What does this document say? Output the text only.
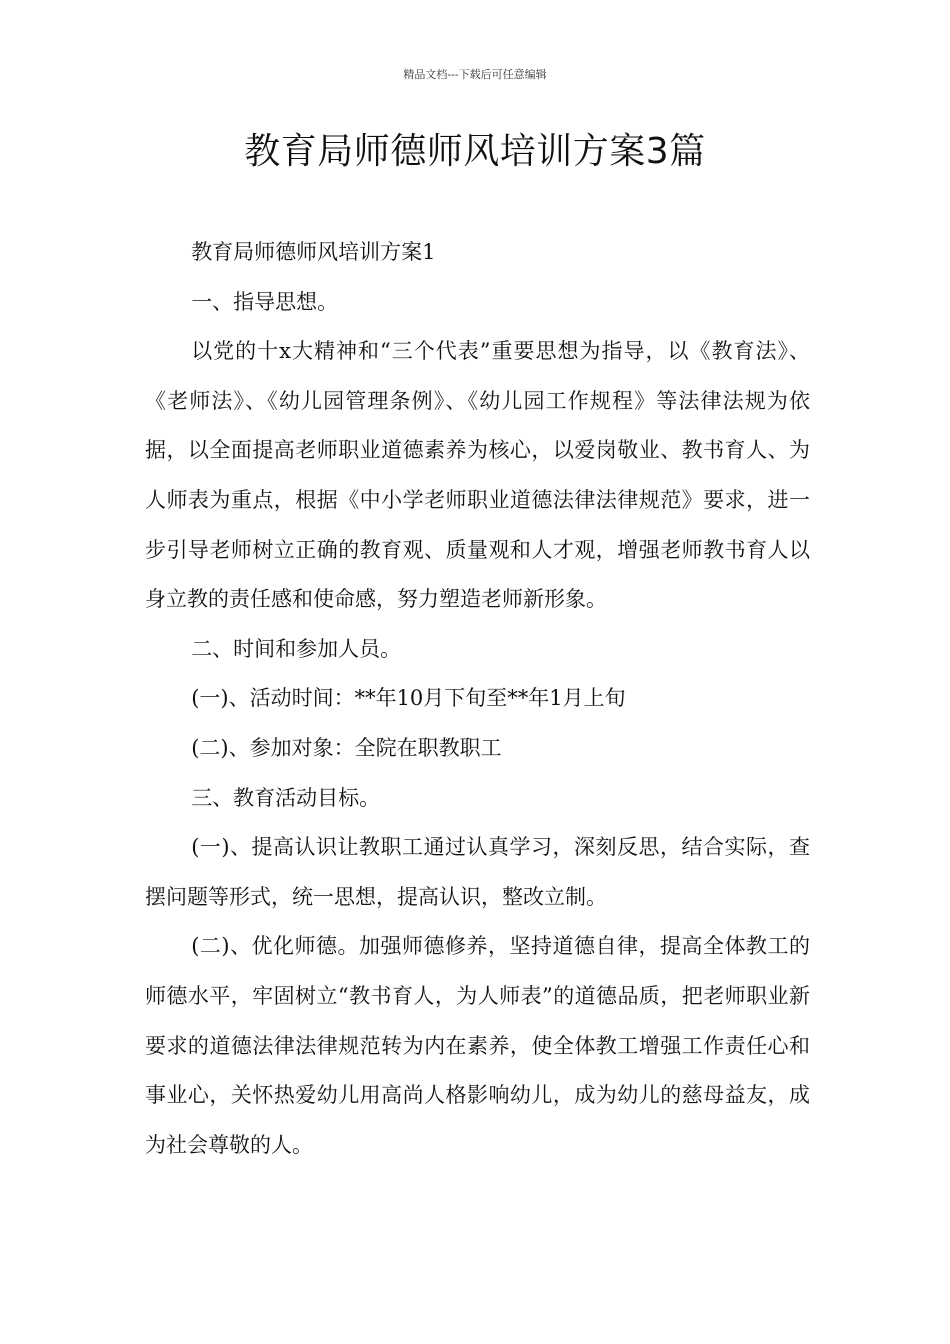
精品文档---下载后可任意编辑
教育局师德师风培训方案3篇

教育局师德师风培训方案1

一、指导思想。

以党的十x大精神和“三个代表”重要思想为指导，以《教育法》、《老师法》、《幼儿园管理条例》、《幼儿园工作规程》等法律法规为依据，以全面提高老师职业道德素养为核心，以爱岗敬业、教书育人、为人师表为重点，根据《中小学老师职业道德法律法律规范》要求，进一步引导老师树立正确的教育观、质量观和人才观，增强老师教书育人以身立教的责任感和使命感，努力塑造老师新形象。

二、时间和参加人员。

(一)、活动时间：**年10月下旬至**年1月上旬

(二)、参加对象：全院在职教职工

三、教育活动目标。

(一)、提高认识让教职工通过认真学习，深刻反思，结合实际，查摆问题等形式，统一思想，提高认识，整改立制。

(二)、优化师德。加强师德修养，坚持道德自律，提高全体教工的师德水平，牢固树立“教书育人，为人师表”的道德品质，把老师职业新要求的道德法律法律规范转为内在素养，使全体教工增强工作责任心和事业心，关怀热爱幼儿用高尚人格影响幼儿，成为幼儿的慈母益友，成为社会尊敬的人。
